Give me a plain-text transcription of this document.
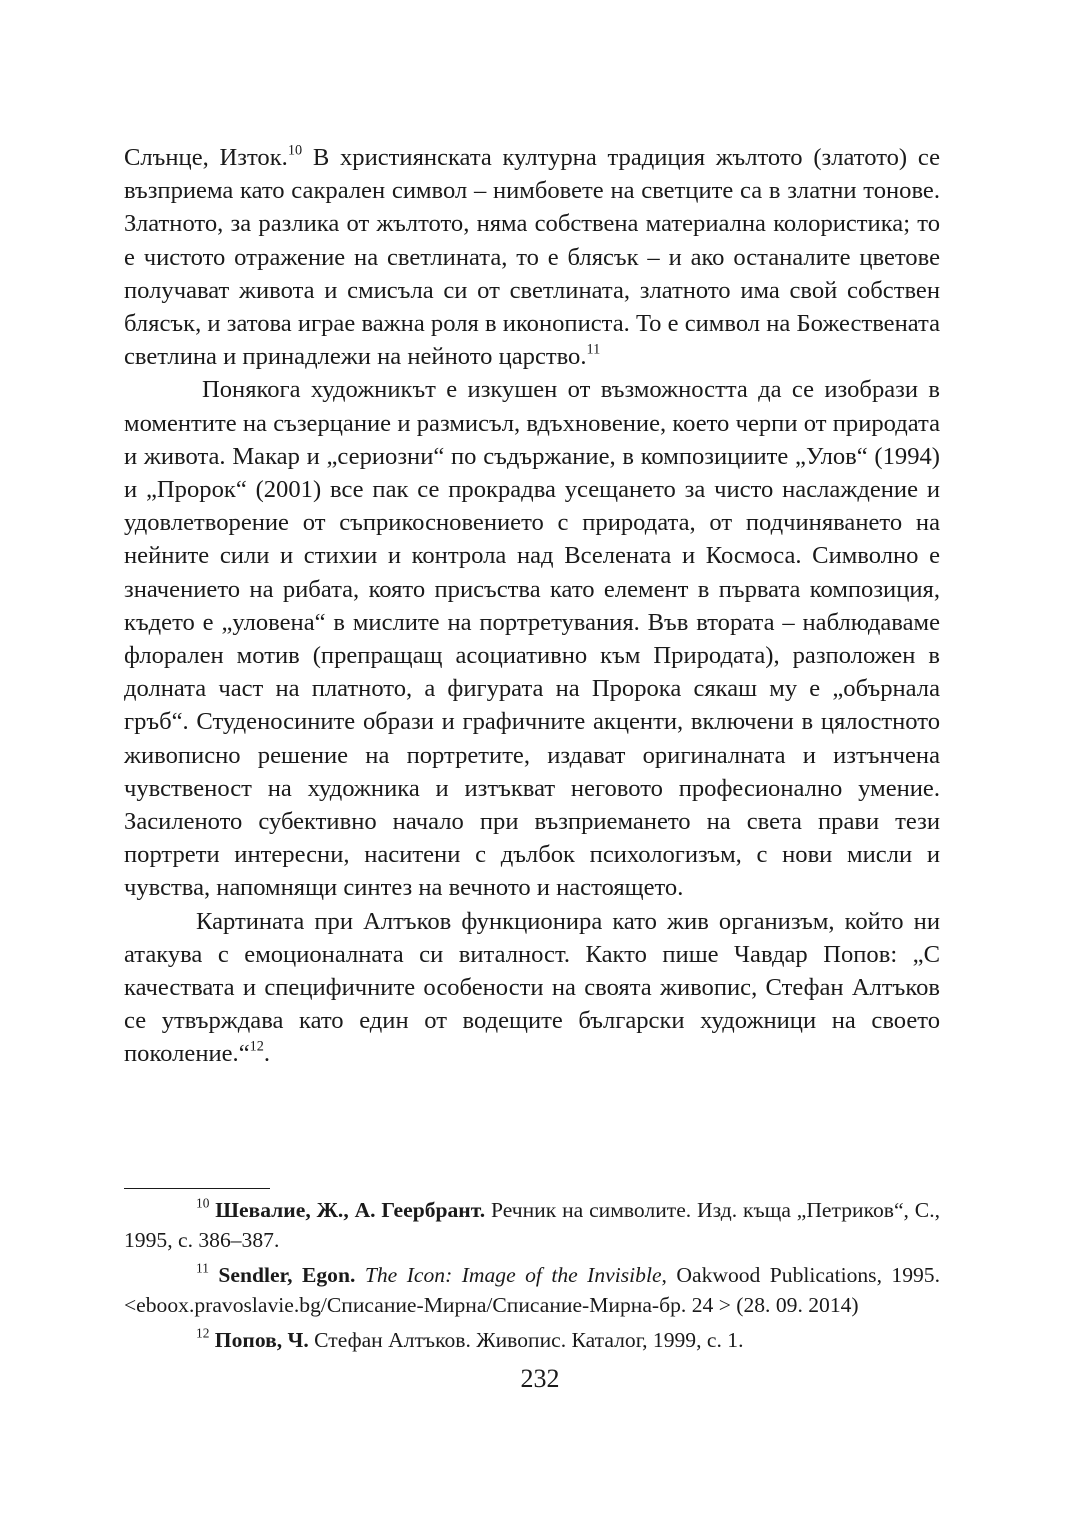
Слънце, Изток.$^{10}$ В християнската културна традиция жълтото (златото) се възприема като сакрален символ – нимбовете на светците са в златни тонове. Златното, за разлика от жълтото, няма собствена материална колористика; то е чистото отражение на светлината, то е блясък – и ако останалите цветове получават живота и смисъла си от светлината, златното има свой собствен блясък, и затова играе важна роля в иконописта. То е символ на Божествената светлина и принадлежи на нейното царство.$^{11}$

Понякога художникът е изкушен от възможността да се изобрази в моментите на съзерцание и размисъл, вдъхновение, което черпи от природата и живота. Макар и „сериозни“ по съдържание, в композициите „Улов“ (1994) и „Пророк“ (2001) все пак се прокрадва усещането за чисто наслаждение и удовлетворение от съприкосновението с природата, от подчиняването на нейните сили и стихии и контрола над Вселената и Космоса. Символно е значението на рибата, която присъства като елемент в първата композиция, където е „уловена“ в мислите на портретувания. Във втората – наблюдаваме флорален мотив (препращащ асоциативно към Природата), разположен в долната част на платното, а фигурата на Пророка сякаш му е „обърнала гръб“. Студеносините образи и графичните акценти, включени в цялостното живописно решение на портретите, издават оригиналната и изтънчена чувственост на художника и изтъкват неговото професионално умение. Засиленото субективно начало при възприемането на света прави тези портрети интересни, наситени с дълбок психологизъм, с нови мисли и чувства, напомнящи синтез на вечното и настоящето.

Картината при Алтъков функционира като жив организъм, който ни атакува с емоционалната си виталност. Както пише Чавдар Попов: „С качествата и специфичните особености на своята живопис, Стефан Алтъков се утвърждава като един от водещите български художници на своето поколение.“$^{12}$.

$^{10}$ Шевалие, Ж., А. Геербрант. Речник на символите. Изд. къща „Петриков“, С., 1995, с. 386–387.

$^{11}$ Sendler, Egon. The Icon: Image of the Invisible, Oakwood Publications, 1995. <eboox.pravoslavie.bg/Списание-Мирна/Списание-Мирна-бр. 24 > (28. 09. 2014)

$^{12}$ Попов, Ч. Стефан Алтъков. Живопис. Каталог, 1999, с. 1.

232
